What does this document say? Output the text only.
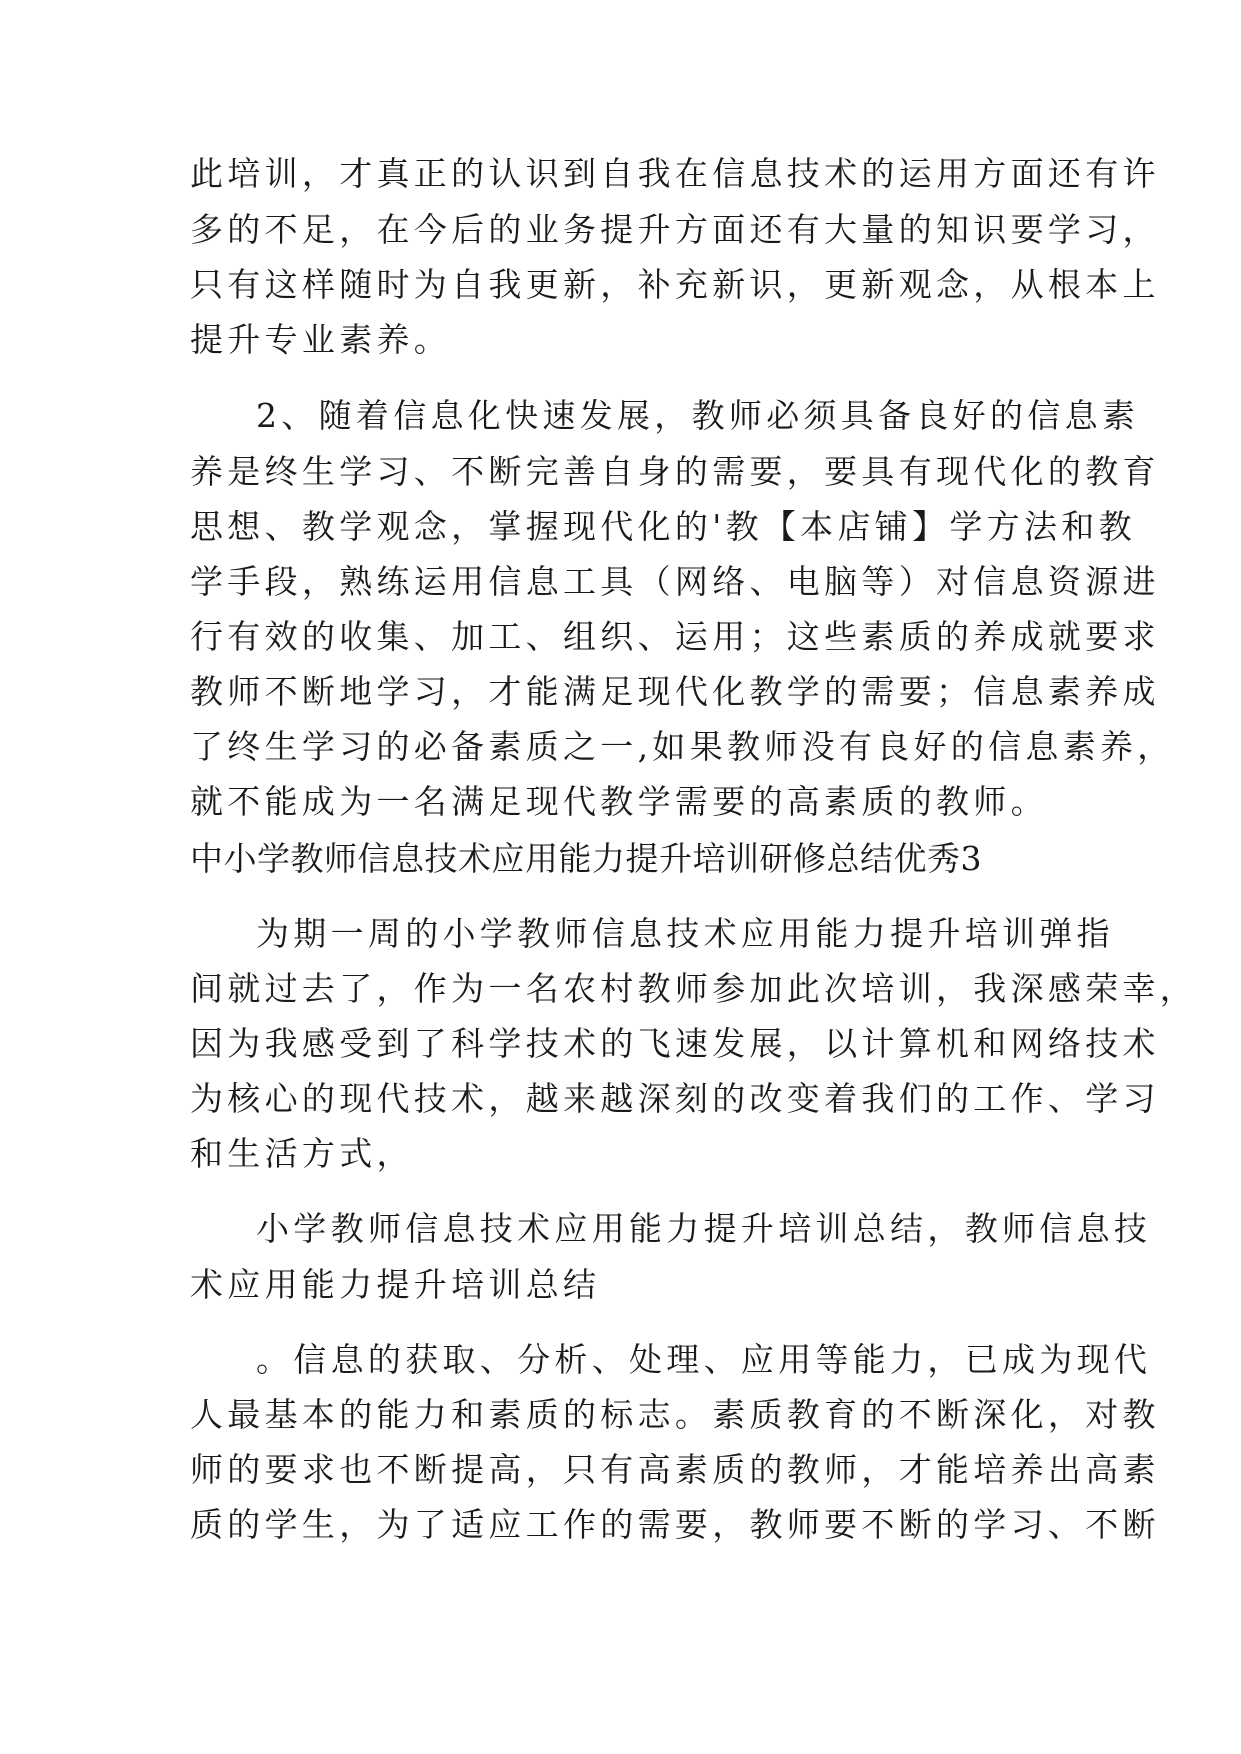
此培训，才真正的认识到自我在信息技术的运用方面还有许
多的不足，在今后的业务提升方面还有大量的知识要学习，
只有这样随时为自我更新，补充新识，更新观念，从根本上
提升专业素养。
2、随着信息化快速发展，教师必须具备良好的信息素
养是终生学习、不断完善自身的需要，要具有现代化的教育
思想、教学观念，掌握现代化的'教【本店铺】学方法和教
学手段，熟练运用信息工具（网络、电脑等）对信息资源进
行有效的收集、加工、组织、运用；这些素质的养成就要求
教师不断地学习，才能满足现代化教学的需要；信息素养成
了终生学习的必备素质之一,如果教师没有良好的信息素养，
就不能成为一名满足现代教学需要的高素质的教师。
中小学教师信息技术应用能力提升培训研修总结优秀3
为期一周的小学教师信息技术应用能力提升培训弹指
间就过去了，作为一名农村教师参加此次培训，我深感荣幸，
因为我感受到了科学技术的飞速发展，以计算机和网络技术
为核心的现代技术，越来越深刻的改变着我们的工作、学习
和生活方式，
小学教师信息技术应用能力提升培训总结，教师信息技
术应用能力提升培训总结
。信息的获取、分析、处理、应用等能力，已成为现代
人最基本的能力和素质的标志。素质教育的不断深化，对教
师的要求也不断提高，只有高素质的教师，才能培养出高素
质的学生，为了适应工作的需要，教师要不断的学习、不断
